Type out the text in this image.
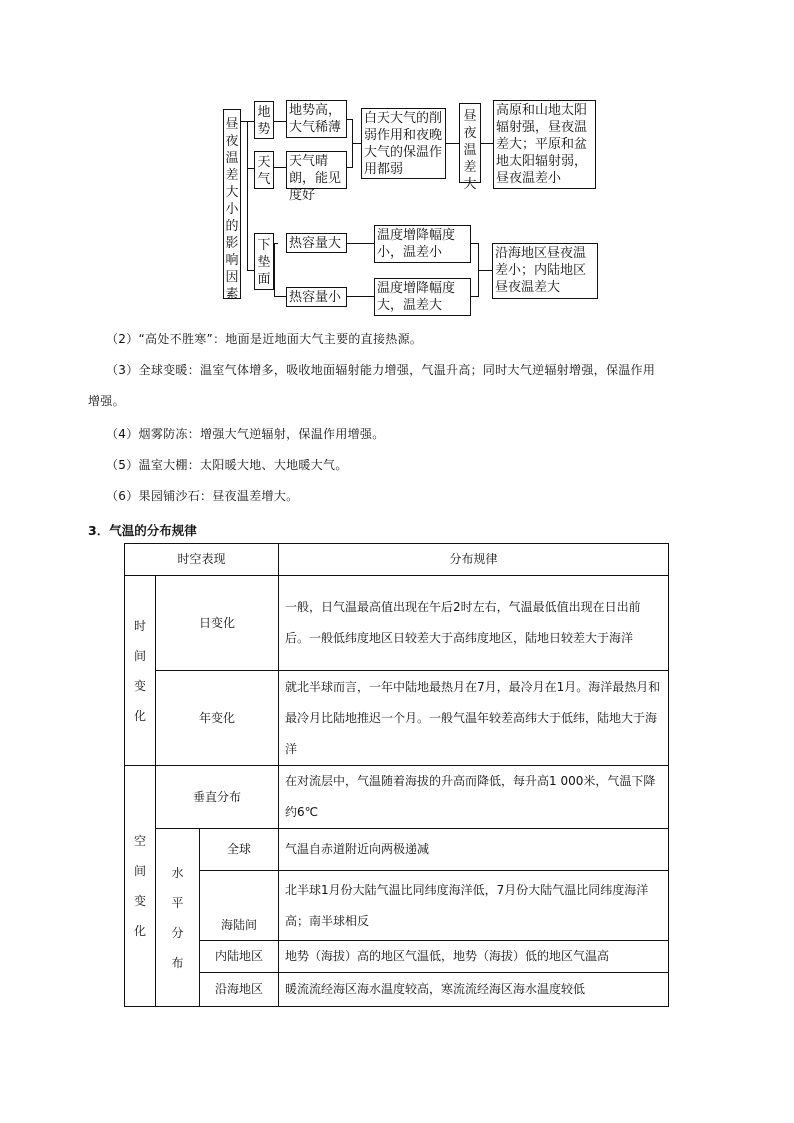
昼夜温差大小的影响因素
地势
天气
下垫面
地势高，大气稀薄
天气晴朗，能见度好
白天大气的削弱作用和夜晚大气的保温作用都弱
昼夜温差大
高原和山地太阳辐射强，昼夜温差大；平原和盆地太阳辐射弱，昼夜温差小
热容量大
热容量小
温度增降幅度小，温差小
温度增降幅度大，温差大
沿海地区昼夜温差小；内陆地区昼夜温差大
（2）“高处不胜寒”：地面是近地面大气主要的直接热源。
（3）全球变暖：温室气体增多，吸收地面辐射能力增强，气温升高；同时大气逆辐射增强，保温作用
增强。
（4）烟雾防冻：增强大气逆辐射，保温作用增强。
（5）温室大棚：太阳暖大地、大地暖大气。
（6）果园铺沙石：昼夜温差增大。
3．气温的分布规律
时空表现			分布规律

时间变化	日变化		一般，日气温最高值出现在午后2时左右，气温最低值出现在日出前后。一般低纬度地区日较差大于高纬度地区，陆地日较差大于海洋
	年变化		就北半球而言，一年中陆地最热月在7月，最冷月在1月。海洋最热月和最冷月比陆地推迟一个月。一般气温年较差高纬大于低纬，陆地大于海洋

空间变化	垂直分布		在对流层中，气温随着海拔的升高而降低，每升高1 000米，气温下降约6℃

	水平分布	全球	气温自赤道附近向两极递减
		海陆间	北半球1月份大陆气温比同纬度海洋低，7月份大陆气温比同纬度海洋高；南半球相反
		内陆地区	地势（海拔）高的地区气温低，地势（海拔）低的地区气温高
		沿海地区	暖流流经海区海水温度较高，寒流流经海区海水温度较低
